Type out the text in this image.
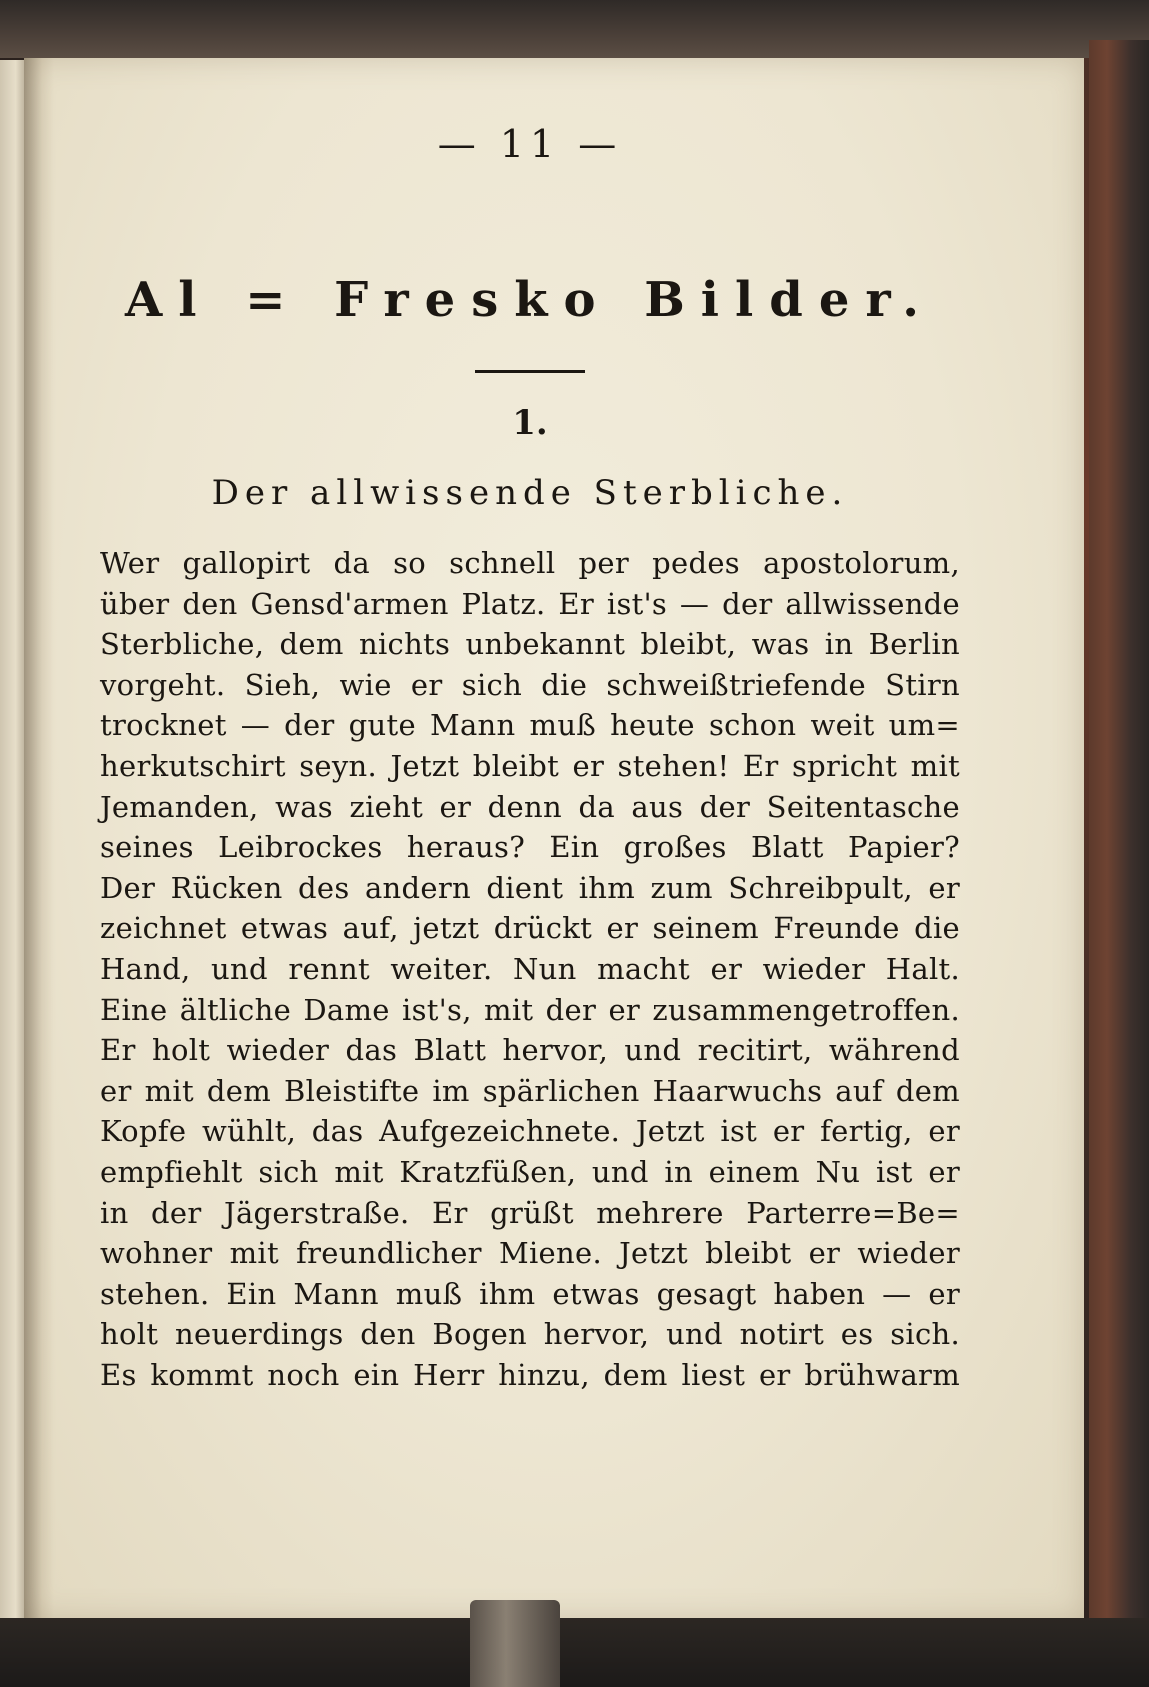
— 11 —
Al = Fresko Bilder.
1.
Der allwissende Sterbliche.
Wer gallopirt da so schnell per pedes apostolorum,
über den Gensd'armen Platz. Er ist's — der allwissende
Sterbliche, dem nichts unbekannt bleibt, was in Berlin
vorgeht. Sieh, wie er sich die schweißtriefende Stirn
trocknet — der gute Mann muß heute schon weit um=
herkutschirt seyn. Jetzt bleibt er stehen! Er spricht mit
Jemanden, was zieht er denn da aus der Seitentasche
seines Leibrockes heraus? Ein großes Blatt Papier?
Der Rücken des andern dient ihm zum Schreibpult, er
zeichnet etwas auf, jetzt drückt er seinem Freunde die
Hand, und rennt weiter. Nun macht er wieder Halt.
Eine ältliche Dame ist's, mit der er zusammengetroffen.
Er holt wieder das Blatt hervor, und recitirt, während
er mit dem Bleistifte im spärlichen Haarwuchs auf dem
Kopfe wühlt, das Aufgezeichnete. Jetzt ist er fertig, er
empfiehlt sich mit Kratzfüßen, und in einem Nu ist er
in der Jägerstraße. Er grüßt mehrere Parterre=Be=
wohner mit freundlicher Miene. Jetzt bleibt er wieder
stehen. Ein Mann muß ihm etwas gesagt haben — er
holt neuerdings den Bogen hervor, und notirt es sich.
Es kommt noch ein Herr hinzu, dem liest er brühwarm
